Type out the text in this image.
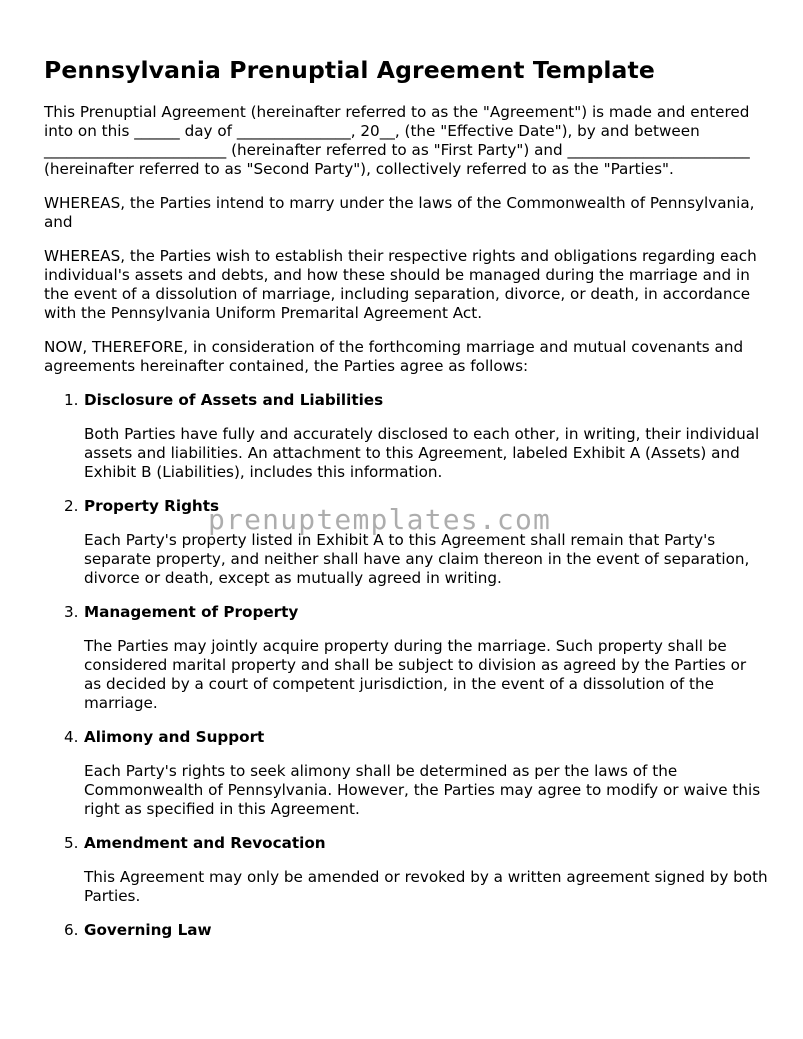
Pennsylvania Prenuptial Agreement Template

This Prenuptial Agreement (hereinafter referred to as the "Agreement") is made and entered into on this ______ day of _______________, 20__, (the "Effective Date"), by and between ________________________ (hereinafter referred to as "First Party") and ________________________ (hereinafter referred to as "Second Party"), collectively referred to as the "Parties".

WHEREAS, the Parties intend to marry under the laws of the Commonwealth of Pennsylvania, and

WHEREAS, the Parties wish to establish their respective rights and obligations regarding each individual's assets and debts, and how these should be managed during the marriage and in the event of a dissolution of marriage, including separation, divorce, or death, in accordance with the Pennsylvania Uniform Premarital Agreement Act.

NOW, THEREFORE, in consideration of the forthcoming marriage and mutual covenants and agreements hereinafter contained, the Parties agree as follows:

1. Disclosure of Assets and Liabilities

Both Parties have fully and accurately disclosed to each other, in writing, their individual assets and liabilities. An attachment to this Agreement, labeled Exhibit A (Assets) and Exhibit B (Liabilities), includes this information.

2. Property Rights

Each Party's property listed in Exhibit A to this Agreement shall remain that Party's separate property, and neither shall have any claim thereon in the event of separation, divorce or death, except as mutually agreed in writing.

3. Management of Property

The Parties may jointly acquire property during the marriage. Such property shall be considered marital property and shall be subject to division as agreed by the Parties or as decided by a court of competent jurisdiction, in the event of a dissolution of the marriage.

4. Alimony and Support

Each Party's rights to seek alimony shall be determined as per the laws of the Commonwealth of Pennsylvania. However, the Parties may agree to modify or waive this right as specified in this Agreement.

5. Amendment and Revocation

This Agreement may only be amended or revoked by a written agreement signed by both Parties.

6. Governing Law
prenuptemplates.com
